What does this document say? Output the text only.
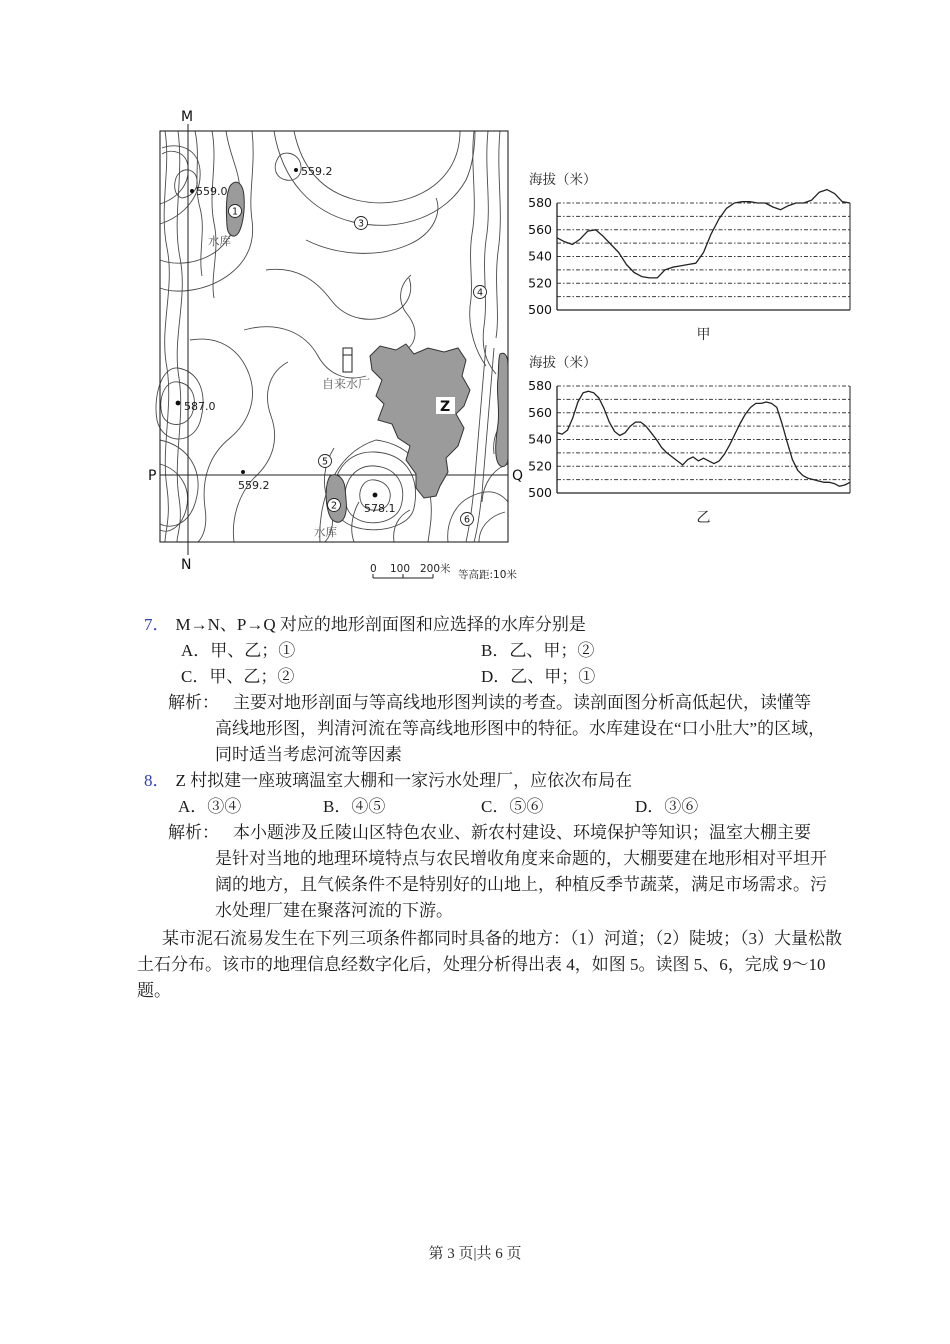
559.0
559.2
587.0
559.2
578.1
1
2
3
4
5
6
M
N
P	Q
水库
水库
自来水厂
Z
0 100 200米 等高距:10米
海拔（米）
500
520
540
560
580
甲
海拔（米）
500
520
540
560
580
乙
7． M→N、P→Q 对应的地形剖面图和应选择的水库分别是
A．甲、乙；①	B．乙、甲；②
C．甲、乙；②	D．乙、甲；①
解析： 主要对地形剖面与等高线地形图判读的考查。读剖面图分析高低起伏，读懂等高线地形图，判清河流在等高线地形图中的特征。水库建设在“口小肚大”的区域，同时适当考虑河流等因素
8． Z 村拟建一座玻璃温室大棚和一家污水处理厂，应依次布局在
A．③④	B．④⑤	C．⑤⑥	D．③⑥
解析： 本小题涉及丘陵山区特色农业、新农村建设、环境保护等知识；温室大棚主要是针对当地的地理环境特点与农民增收角度来命题的，大棚要建在地形相对平坦开阔的地方，且气候条件不是特别好的山地上，种植反季节蔬菜，满足市场需求。污水处理厂建在聚落河流的下游。
某市泥石流易发生在下列三项条件都同时具备的地方：（1）河道；（2）陡坡；（3）大量松散土石分布。该市的地理信息经数字化后，处理分析得出表 4，如图 5。读图 5、6，完成 9～10 题。
第 3 页|共 6 页
